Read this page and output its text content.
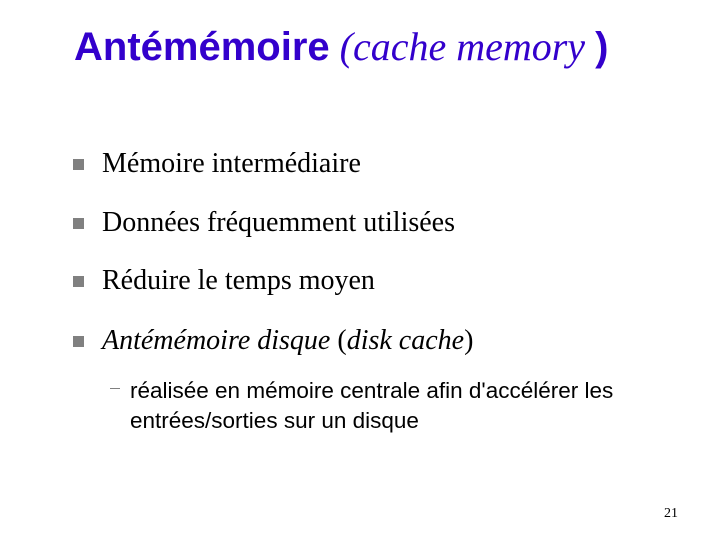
Antémémoire (cache memory )
Mémoire intermédiaire
Données fréquemment utilisées
Réduire le temps moyen
Antémémoire disque
( disk cache )
réalisée en mémoire centrale afin d'accélérer les
entrées/sorties sur un disque
21
